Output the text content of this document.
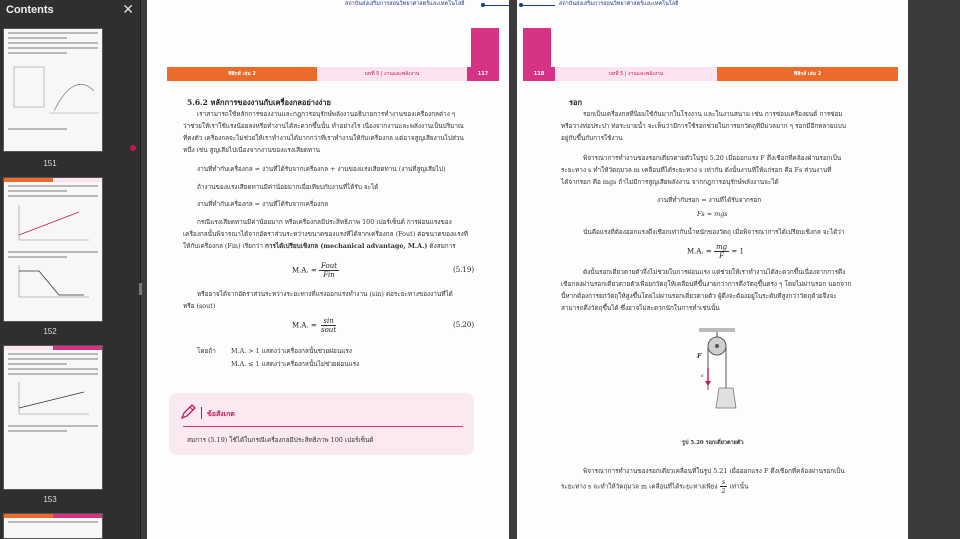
Contents	✕
151
152
153
สถาบันส่งเสริมการสอนวิทยาศาสตร์และเทคโนโลยี
ฟิสิกส์ เล่ม 2	บทที่ 5 | งานและพลังงาน	117
5.6.2 หลักการของงานกับเครื่องกลอย่างง่าย
เราสามารถใช้หลักการของงานและกฎการอนุรักษ์พลังงานอธิบายการทำงานของเครื่องกลต่าง ๆ
ว่าช่วยให้เราใช้แรงน้อยลงหรือทำงานได้สะดวกขึ้นนั้น ทำอย่างไร เนื่องจากงานและพลังงานเป็นปริมาณ
ที่คงตัว เครื่องกลจะไม่ช่วยให้เราทำงานได้มากกว่าที่เราทำงานให้กับเครื่องกล แต่อาจสูญเสียงานไปส่วน
หนึ่ง เช่น สูญเสียไปเนื่องจากงานของแรงเสียดทาน
งานที่ทำกับเครื่องกล = งานที่ได้รับจากเครื่องกล + งานของแรงเสียดทาน (งานที่สูญเสียไป)
ถ้างานของแรงเสียดทานมีค่าน้อยมากเมื่อเทียบกับงานที่ได้รับ จะได้
งานที่ทำกับเครื่องกล = งานที่ได้รับจากเครื่องกล
กรณีแรงเสียดทานมีค่าน้อยมาก หรือเครื่องกลมีประสิทธิภาพ 100 เปอร์เซ็นต์ การผ่อนแรงของ
เครื่องกลนั้นพิจารณาได้จากอัตราส่วนระหว่างขนาดของแรงที่ได้จากเครื่องกล (Fout) ต่อขนาดของแรงที่
ให้กับเครื่องกล (Fin) เรียกว่า การได้เปรียบเชิงกล (mechanical advantage, M.A.) ดังสมการ
M.A. = $\frac{\text{Fout}}{\text{Fin}}$	(5.19)
หรืออาจได้จากอัตราส่วนระหว่างระยะทางที่แรงออกแรงทำงาน (sin) ต่อระยะทางของงานที่ได้
หรือ (sout)
M.A. = $\frac{\sin}{\text{sout}}$	(5.20)
โดยถ้า M.A. > 1 แสดงว่าเครื่องกลนั้นช่วยผ่อนแรง
M.A. ≤ 1 แสดงว่าเครื่องกลนั้นไม่ช่วยผ่อนแรง
ข้อสังเกต
สมการ (5.19) ใช้ได้ในกรณีเครื่องกลมีประสิทธิภาพ 100 เปอร์เซ็นต์
สถาบันส่งเสริมการสอนวิทยาศาสตร์และเทคโนโลยี
118	บทที่ 5 | งานและพลังงาน	ฟิสิกส์ เล่ม 2
รอก
รอกเป็นเครื่องกลที่นิยมใช้กันมากในโรงงาน และในงานสนาม เช่น การซ่อมเครื่องยนต์ การซ่อม
หรือวางท่อประปา ท่อระบายน้ำ จะเห็นว่ามีการใช้รอกช่วยในการยกวัตถุที่มีมวลมาก ๆ รอกมีอีกหลายแบบ
อยู่กับขึ้นกับการใช้งาน
พิจารณาการทำงานของรอกเดี่ยวตายตัวในรูป 5.20 เมื่อออกแรง F ดึงเชือกที่คล้องผ่านรอกเป็น
ระยะทาง s ทำให้วัตถุมวล m เคลื่อนที่ได้ระยะทาง s เท่ากัน ดังนั้นงานที่ให้แก่รอก คือ Fs ส่วนงานที่
ได้จากรอก คือ mgs ถ้าไม่มีการสูญเสียพลังงาน จากกฎการอนุรักษ์พลังงานจะได้
งานที่ทำกับรอก = งานที่ได้รับจากรอก
Fs = mgs
นั่นคือแรงที่ต้องออกแรงดึงเชือกเท่ากับน้ำหนักของวัตถุ เมื่อพิจารณาการได้เปรียบเชิงกล จะได้ว่า
M.A. = $\frac{mg}{F} = 1$
ดังนั้นรอกเดี่ยวตายตัวจึงไม่ช่วยในการผ่อนแรง แต่ช่วยให้เราทำงานได้สะดวกขึ้นเนื่องจากการดึง
เชือกลงผ่านรอกเดี่ยวตายตัวเพื่อยกวัตถุให้เคลื่อนที่ขึ้นง่ายกว่าการดึงวัตถุขึ้นตรง ๆ โดยไม่ผ่านรอก นอกจาก
นี้หากต้องการยกวัตถุให้สูงขึ้นโดยไม่ผ่านรอกเดี่ยวตายตัว ผู้ดึงจะต้องอยู่ในระดับที่สูงกว่าวัตถุด้วยจึงจะ
สามารถดึงวัตถุขึ้นได้ ซึ่งอาจไม่สะดวกนักในการทำเช่นนั้น
F
s
รูป 5.20 รอกเดี่ยวตายตัว
พิจารณาการทำงานของรอกเดี่ยวเคลื่อนที่ในรูป 5.21 เมื่อออกแรง F ดึงเชือกที่คล้องผ่านรอกเป็น
ระยะทาง s จะทำให้วัตถุมวล m เคลื่อนที่ได้ระยะทางเพียง $\frac{s}{2}$ เท่านั้น
